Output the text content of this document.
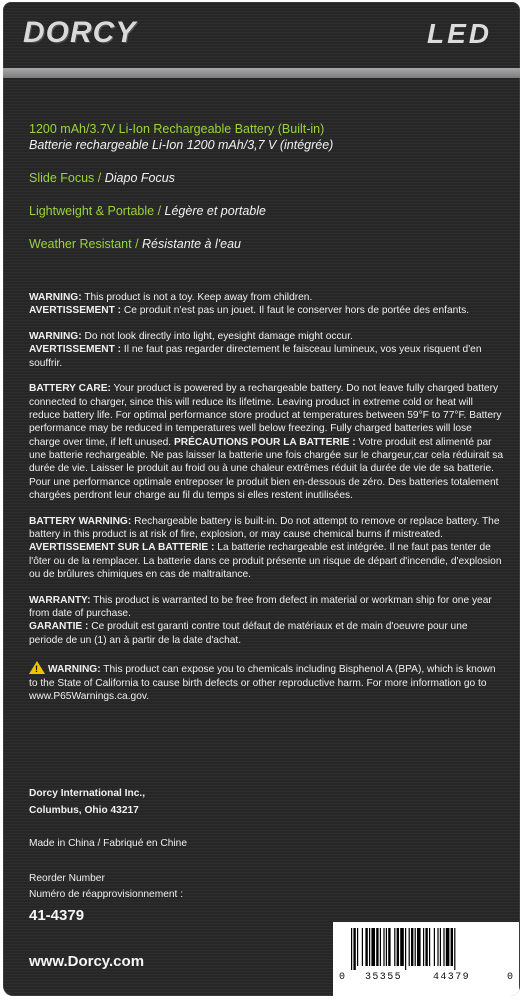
DORCY	LED
1200 mAh/3.7V Li-Ion Rechargeable Battery (Built-in)
Batterie rechargeable Li-Ion 1200 mAh/3,7 V (intégrée)
Slide Focus / Diapo Focus
Lightweight & Portable / Légère et portable
Weather Resistant / Résistante à l'eau
WARNING: This product is not a toy. Keep away from children.
AVERTISSEMENT : Ce produit n'est pas un jouet. Il faut le conserver hors de portée des enfants.
WARNING: Do not look directly into light, eyesight damage might occur.
AVERTISSEMENT : Il ne faut pas regarder directement le faisceau lumineux, vos yeux risquent d'en souffrir.
BATTERY CARE: Your product is powered by a rechargeable battery. Do not leave fully charged battery connected to charger, since this will reduce its lifetime. Leaving product in extreme cold or heat will reduce battery life. For optimal performance store product at temperatures between 59°F to 77°F. Battery performance may be reduced in temperatures well below freezing. Fully charged batteries will lose charge over time, if left unused. PRÉCAUTIONS POUR LA BATTERIE : Votre produit est alimenté par une batterie rechargeable. Ne pas laisser la batterie une fois chargée sur le chargeur,car cela réduirait sa durée de vie. Laisser le produit au froid ou à une chaleur extrêmes réduit la durée de vie de sa batterie. Pour une performance optimale entreposer le produit bien en-dessous de zéro. Des batteries totalement chargées perdront leur charge au fil du temps si elles restent inutilisées.
BATTERY WARNING: Rechargeable battery is built-in. Do not attempt to remove or replace battery. The battery in this product is at risk of fire, explosion, or may cause chemical burns if mistreated.
AVERTISSEMENT SUR LA BATTERIE : La batterie rechargeable est intégrée. Il ne faut pas tenter de l'ôter ou de la remplacer. La batterie dans ce produit présente un risque de départ d'incendie, d'explosion ou de brûlures chimiques en cas de maltraitance.
WARRANTY: This product is warranted to be free from defect in material or workman ship for one year from date of purchase.
GARANTIE : Ce produit est garanti contre tout défaut de matériaux et de main d'oeuvre pour une periode de un (1) an à partir de la date d'achat.
! WARNING: This product can expose you to chemicals including Bisphenol A (BPA), which is known to the State of California to cause birth defects or other reproductive harm. For more information go to www.P65Warnings.ca.gov.
Dorcy International Inc.,
Columbus, Ohio 43217
Made in China / Fabriqué en Chine
Reorder Number
Numéro de réapprovisionnement :
41-4379
www.Dorcy.com
0 35355	44379	0
